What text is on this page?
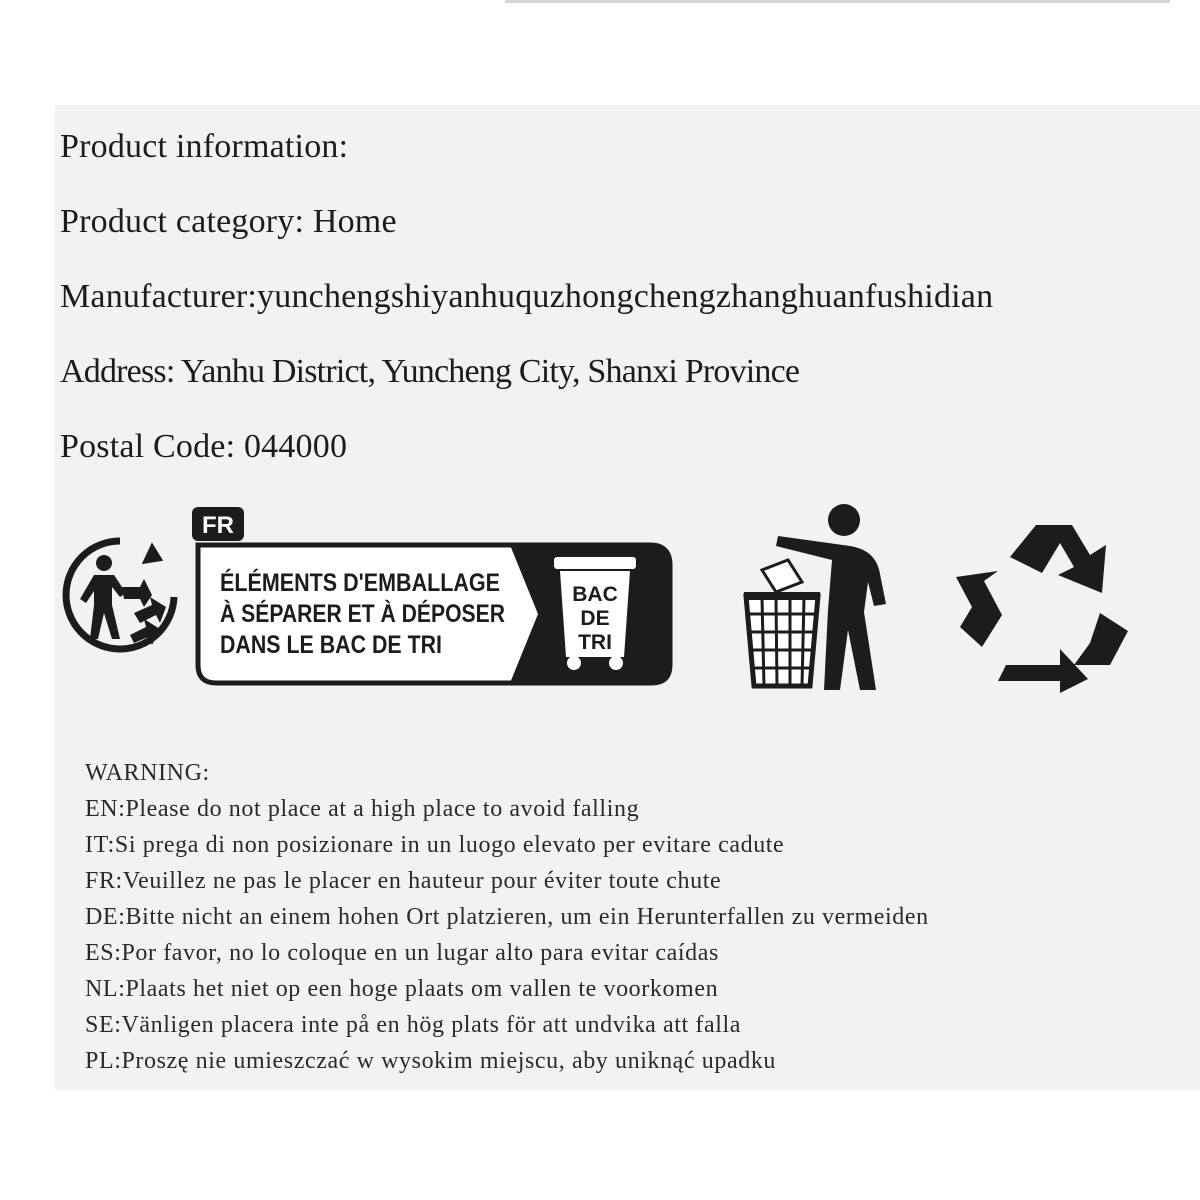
Product information:
Product category: Home
Manufacturer:yunchengshiyanhuquzhongchengzhanghuanfushidian
Address: Yanhu District, Yuncheng City, Shanxi Province
Postal Code: 044000
FR
ÉLÉMENTS D'EMBALLAGE
À SÉPARER ET À DÉPOSER
DANS LE BAC DE TRI
BAC
DE
TRI
WARNING:
EN:Please do not place at a high place to avoid falling
IT:Si prega di non posizionare in un luogo elevato per evitare cadute
FR:Veuillez ne pas le placer en hauteur pour éviter toute chute
DE:Bitte nicht an einem hohen Ort platzieren, um ein Herunterfallen zu vermeiden
ES:Por favor, no lo coloque en un lugar alto para evitar caídas
NL:Plaats het niet op een hoge plaats om vallen te voorkomen
SE:Vänligen placera inte på en hög plats för att undvika att falla
PL:Proszę nie umieszczać w wysokim miejscu, aby uniknąć upadku
